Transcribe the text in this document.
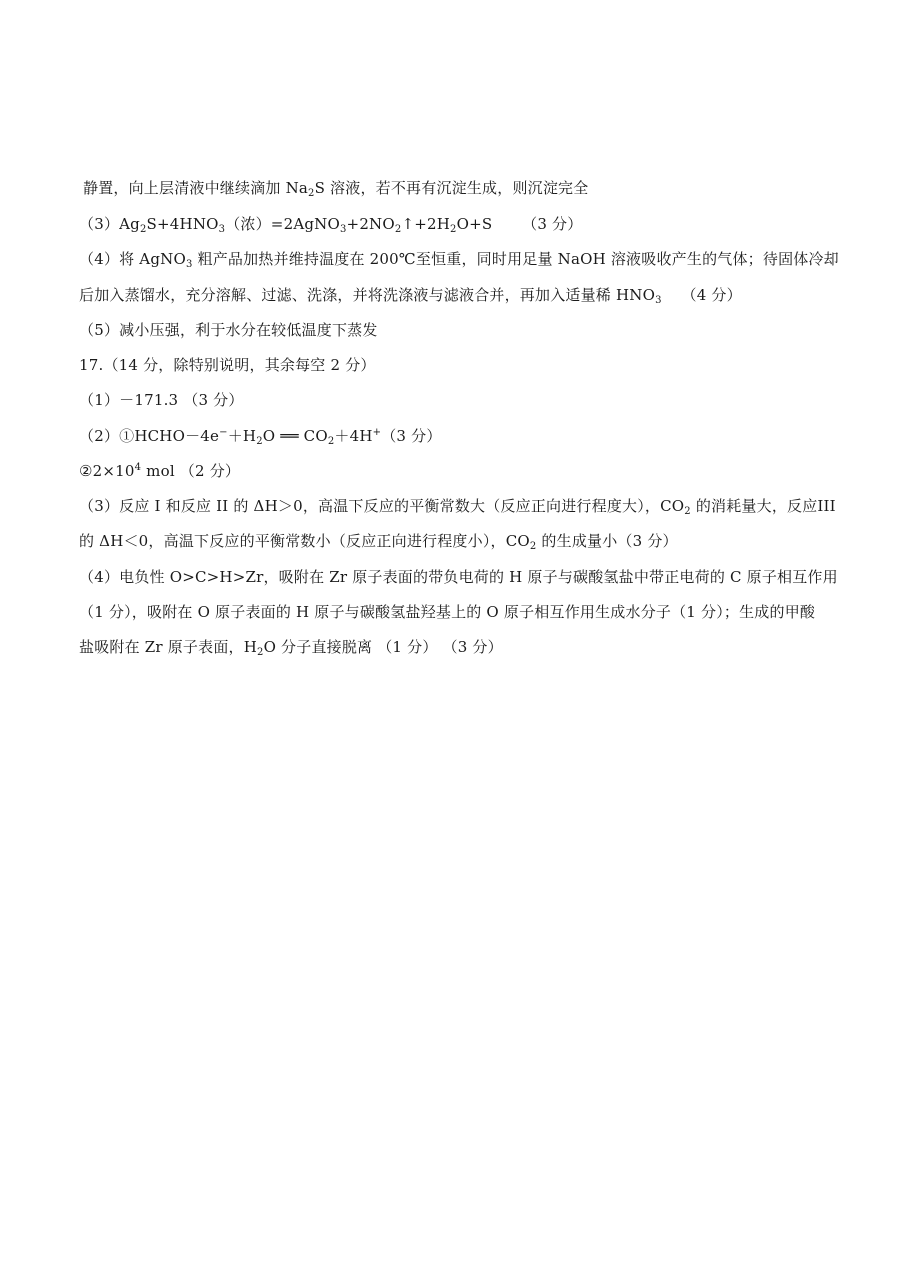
静置，向上层清液中继续滴加 $Na_2S$ 溶液，若不再有沉淀生成，则沉淀完全
$(3)Ag_2S+4HNO_3$（浓）$=2AgNO_3+2NO_2↑+2H_2O+S$      （3 分）
（4）将 AgNO$_3$ 粗产品加热并维持温度在 200℃至恒重，同时用足量 NaOH 溶液吸收产生的气体；待固体冷却
后加入蒸馏水，充分溶解、过滤、洗涤，并将洗涤液与滤液合并，再加入适量稀 $HNO_3$    （4 分）
（5）减小压强，利于水分在较低温度下蒸发
17.（14 分，除特别说明，其余每空 2 分）
（1）－171.3 （3 分）
$(2)①HCHO-4e^-+H_2O$ ══ $CO_2+4H^+(3$ 分）
$②2\times 10^4$ mol （2 分）
（3）反应 I 和反应 II 的 ΔH＞0，高温下反应的平衡常数大（反应正向进行程度大），$CO_2$ 的消耗量大，反应III
的 ΔH＜0，高温下反应的平衡常数小（反应正向进行程度小），$CO_2$ 的生成量小（3 分）
（4）电负性 O>C>H>Zr，吸附在 Zr 原子表面的带负电荷的 H 原子与碳酸氢盐中带正电荷的 C 原子相互作用
（1 分），吸附在 O 原子表面的 H 原子与碳酸氢盐羟基上的 O 原子相互作用生成水分子（1 分）；生成的甲酸
盐吸附在 Zr 原子表面，$H_2O$ 分子直接脱离 （1 分） （3 分）
